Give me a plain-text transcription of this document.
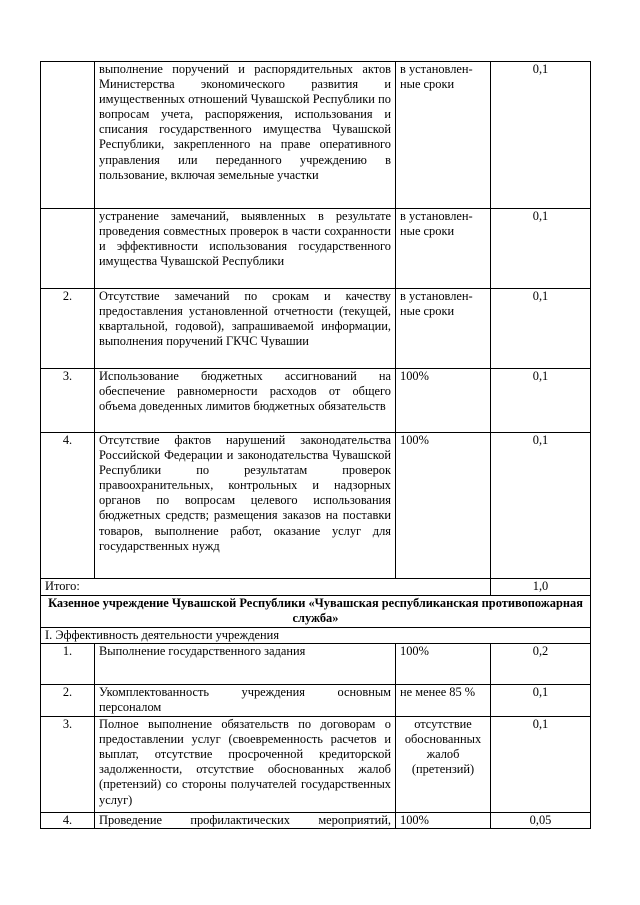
	выполнение поручений и распорядительных актов Министерства экономического развития и имущественных отношений Чувашской Республики по вопросам учета, распоряжения, использования и списания государственного имущества Чувашской Республики, закрепленного на праве оперативного управления или переданного учреждению в пользование, включая земельные участки	в установлен-ные сроки	0,1
	устранение замечаний, выявленных в результате проведения совместных проверок в части сохранности и эффективности использования государственного имущества Чувашской Республики	в установлен-ные сроки	0,1
2.	Отсутствие замечаний по срокам и качеству предоставления установленной отчетности (текущей, квартальной, годовой), запрашиваемой информации, выполнения поручений ГКЧС Чувашии	в установлен-ные сроки	0,1
3.	Использование бюджетных ассигнований на обеспечение равномерности расходов от общего объема доведенных лимитов бюджетных обязательств	100%	0,1
4.	Отсутствие фактов нарушений законодательства Российской Федерации и законодательства Чувашской Республики по результатам проверок правоохранительных, контрольных и надзорных органов по вопросам целевого использования бюджетных средств; размещения заказов на поставки товаров, выполнение работ, оказание услуг для государственных нужд	100%	0,1
Итого:			1,0
Казенное учреждение Чувашской Республики «Чувашская республиканская противопожарная служба»			
I. Эффективность деятельности учреждения			
1.	Выполнение государственного задания	100%	0,2
2.	Укомплектованность учреждения основным персоналом	не менее 85 %	0,1
3.	Полное выполнение обязательств по договорам о предоставлении услуг (своевременность расчетов и выплат, отсутствие просроченной кредиторской задолженности, отсутствие обоснованных жалоб (претензий) со стороны получателей государственных услуг)	отсутствие обоснованных жалоб (претензий)	0,1
4.	Проведение профилактических мероприятий,	100%	0,05
